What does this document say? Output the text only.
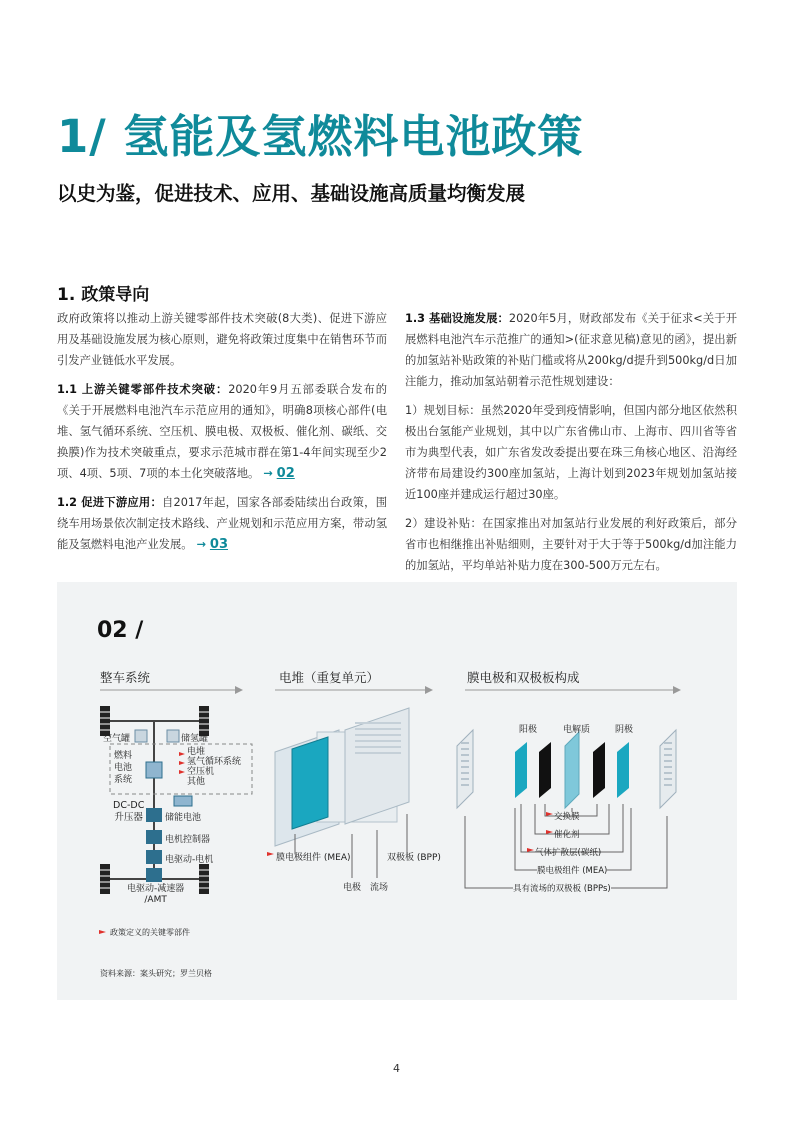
1/ 氢能及氢燃料电池政策
以史为鉴，促进技术、应用、基础设施高质量均衡发展
1. 政策导向

政府政策将以推动上游关键零部件技术突破(8大类)、促进下游应用及基础设施发展为核心原则，避免将政策过度集中在销售环节而引发产业链低水平发展。

1.1 上游关键零部件技术突破：2020年9月五部委联合发布的《关于开展燃料电池汽车示范应用的通知》，明确8项核心部件(电堆、氢气循环系统、空压机、膜电极、双极板、催化剂、碳纸、交换膜)作为技术突破重点，要求示范城市群在第1-4年间实现至少2项、4项、5项、7项的本土化突破落地。 → 02

1.2 促进下游应用：自2017年起，国家各部委陆续出台政策，围绕车用场景依次制定技术路线、产业规划和示范应用方案，带动氢能及氢燃料电池产业发展。 → 03

1.3 基础设施发展：2020年5月，财政部发布《关于征求<关于开展燃料电池汽车示范推广的通知>(征求意见稿)意见的函》，提出新的加氢站补贴政策的补贴门槛或将从200kg/d提升到500kg/d日加注能力，推动加氢站朝着示范性规划建设：

1）规划目标：虽然2020年受到疫情影响，但国内部分地区依然积极出台氢能产业规划，其中以广东省佛山市、上海市、四川省等省市为典型代表，如广东省发改委提出要在珠三角核心地区、沿海经济带布局建设约300座加氢站，上海计划到2023年规划加氢站接近100座并建成运行超过30座。

2）建设补贴：在国家推出对加氢站行业发展的利好政策后，部分省市也相继推出补贴细则，主要针对于大于等于500kg/d加注能力的加氢站，平均单站补贴力度在300-500万元左右。

02 /
整车系统	电堆（重复单元）	膜电极和双极板构成
空气罐	储氢罐
燃料
电池
系统
电堆
氢气循环系统
空压机
其他
DC-DC
升压器 储能电池
电机控制器
电驱动-电机
电驱动-减速器
/AMT
政策定义的关键零部件
膜电极组件 (MEA)	双极板 (BPP)
电极 流场
阳极	电解质	阴极
交换膜
催化剂
气体扩散层(碳纸)
膜电极组件 (MEA)
具有流场的双极板 (BPPs)
资料来源：案头研究；罗兰贝格
4
